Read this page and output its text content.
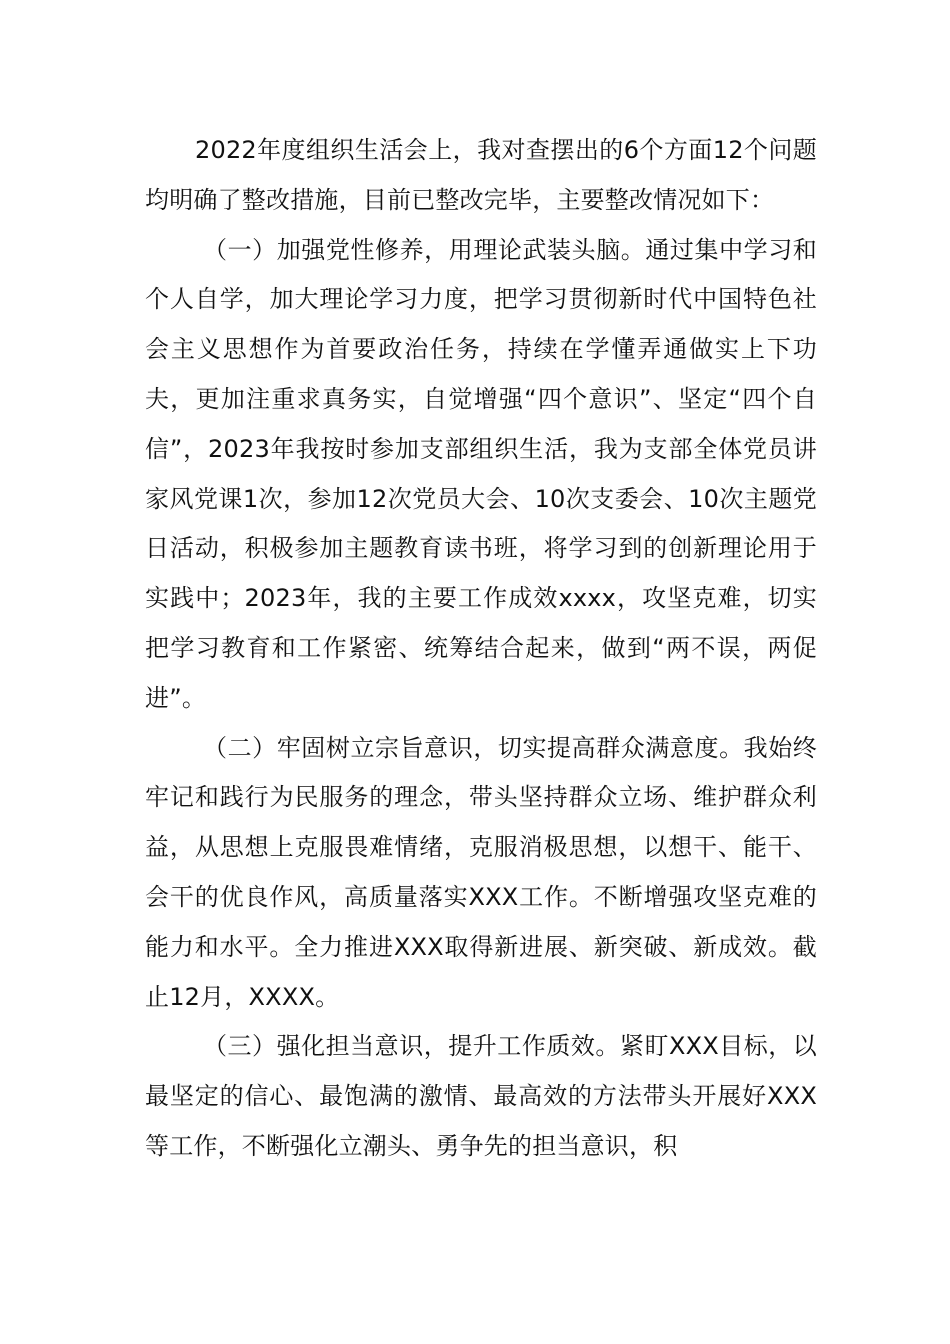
2022年度组织生活会上，我对查摆出的6个方面12个问题均明确了整改措施，目前已整改完毕，主要整改情况如下：

（一）加强党性修养，用理论武装头脑。通过集中学习和个人自学，加大理论学习力度，把学习贯彻新时代中国特色社会主义思想作为首要政治任务，持续在学懂弄通做实上下功夫，更加注重求真务实，自觉增强“四个意识”、坚定“四个自信”，2023年我按时参加支部组织生活，我为支部全体党员讲家风党课1次，参加12次党员大会、10次支委会、10次主题党日活动，积极参加主题教育读书班，将学习到的创新理论用于实践中；2023年，我的主要工作成效xxxx，攻坚克难，切实把学习教育和工作紧密、统筹结合起来，做到“两不误，两促进”。

（二）牢固树立宗旨意识，切实提高群众满意度。我始终牢记和践行为民服务的理念，带头坚持群众立场、维护群众利益，从思想上克服畏难情绪，克服消极思想，以想干、能干、会干的优良作风，高质量落实XXX工作。不断增强攻坚克难的能力和水平。全力推进XXX取得新进展、新突破、新成效。截止12月，XXXX。

（三）强化担当意识，提升工作质效。紧盯XXX目标，以最坚定的信心、最饱满的激情、最高效的方法带头开展好XXX等工作，不断强化立潮头、勇争先的担当意识，积
